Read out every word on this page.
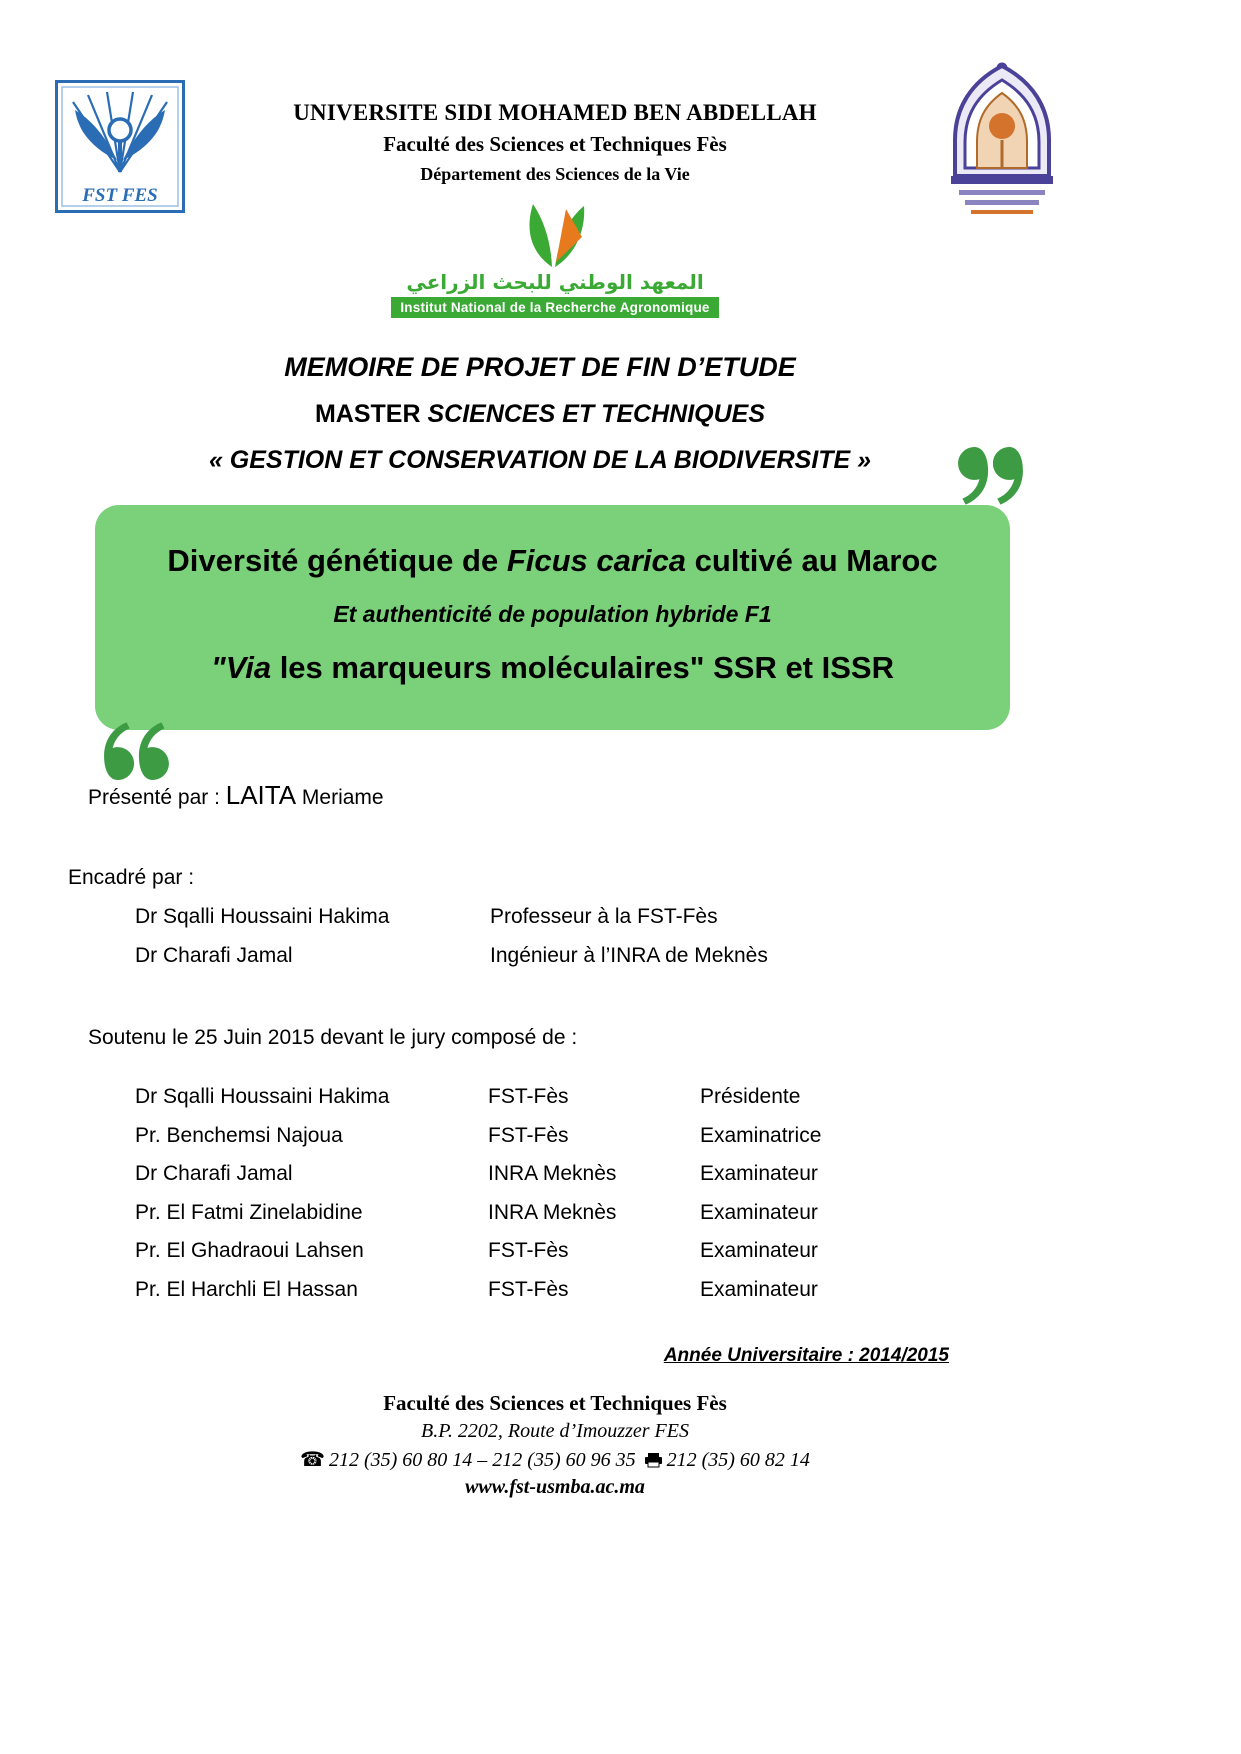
FST FES
UNIVERSITE SIDI MOHAMED BEN ABDELLAH
Faculté des Sciences et Techniques Fès
Département des Sciences de la Vie
المعهد الوطني للبحث الزراعي
Institut National de la Recherche Agronomique
MEMOIRE DE PROJET DE FIN D’ETUDE
MASTER SCIENCES ET TECHNIQUES
« GESTION ET CONSERVATION DE LA BIODIVERSITE »
Diversité génétique de Ficus carica cultivé au Maroc
Et authenticité de population hybride F1
"Via les marqueurs moléculaires" SSR et ISSR
Présenté par : LAITA Meriame
Encadré par :
Dr Sqalli Houssaini Hakima	Professeur à la FST-Fès
Dr Charafi Jamal	Ingénieur à l’INRA de Meknès
Soutenu le 25 Juin 2015 devant le jury composé de :
Dr Sqalli Houssaini Hakima	FST-Fès	Présidente
Pr. Benchemsi Najoua	FST-Fès	Examinatrice
Dr Charafi Jamal	INRA Meknès	Examinateur
Pr. El Fatmi Zinelabidine	INRA Meknès	Examinateur
Pr. El Ghadraoui Lahsen	FST-Fès	Examinateur
Pr. El Harchli El Hassan	FST-Fès	Examinateur
Année Universitaire : 2014/2015
Faculté des Sciences et Techniques Fès
B.P. 2202, Route d’Imouzzer FES
☎ 212 (35) 60 80 14 – 212 (35) 60 96 35 212 (35) 60 82 14
www.fst-usmba.ac.ma
